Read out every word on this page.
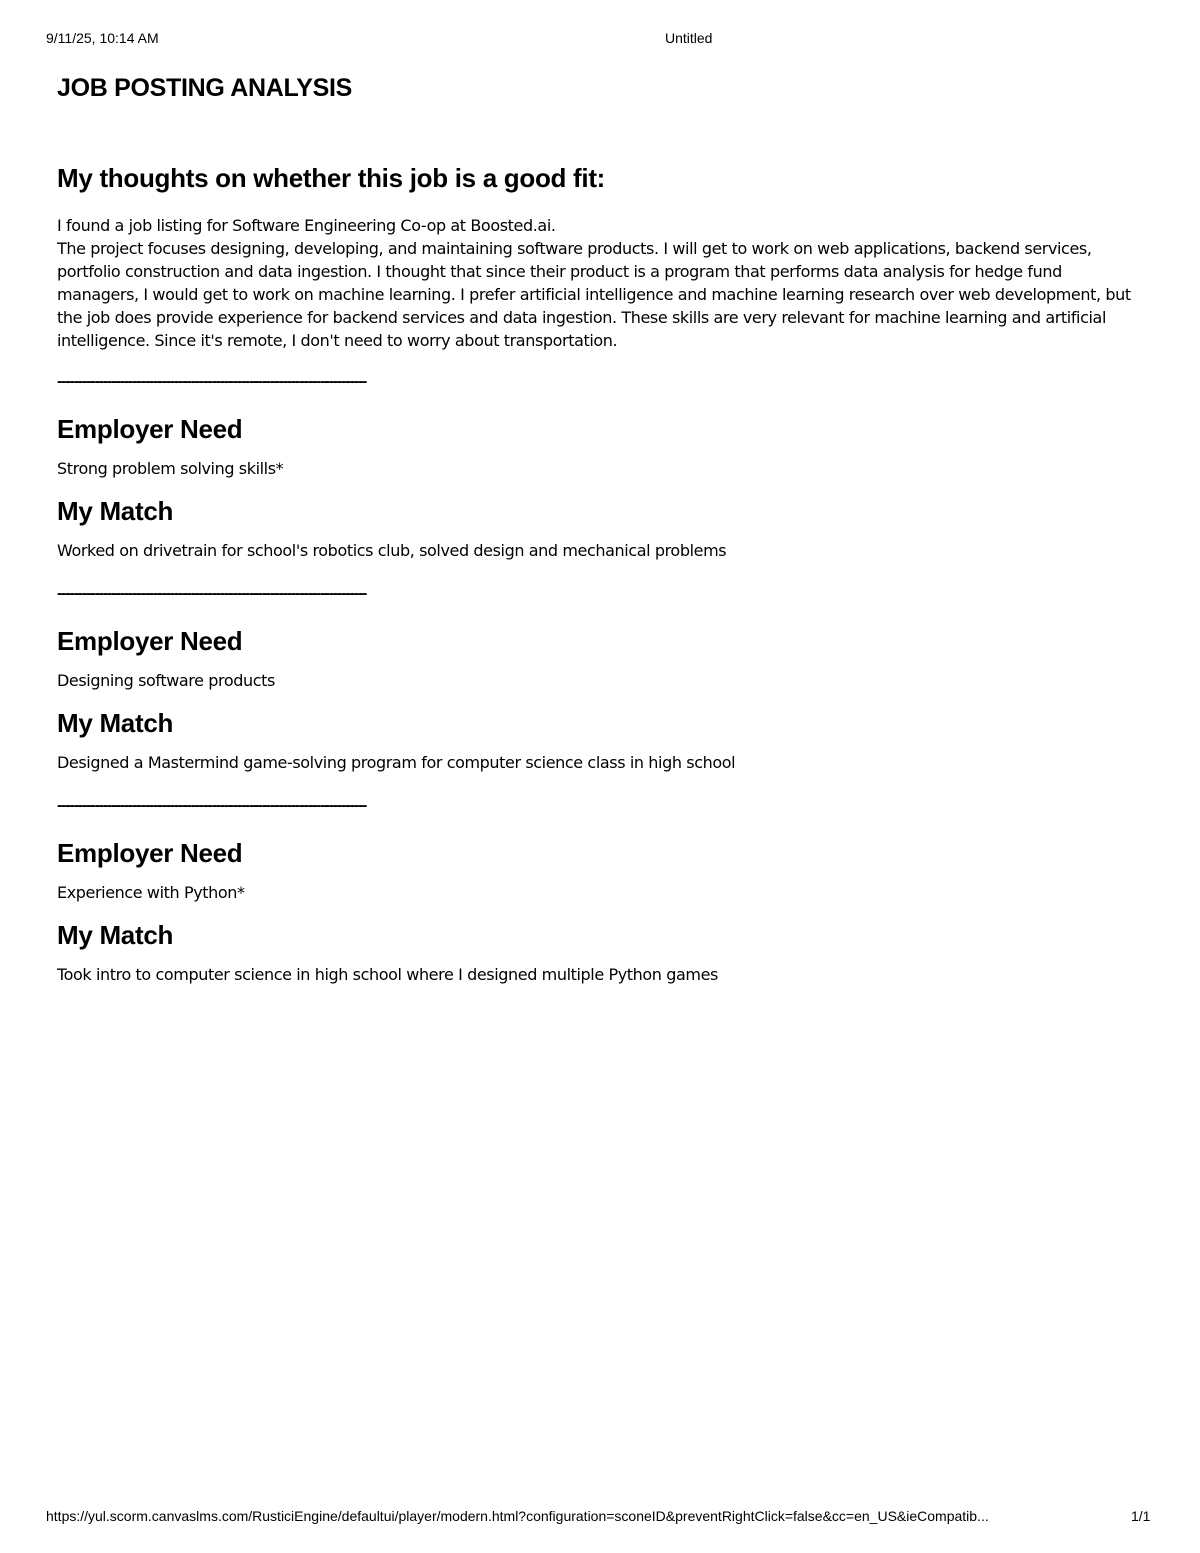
9/11/25, 10:14 AM	Untitled
JOB POSTING ANALYSIS
My thoughts on whether this job is a good fit:

I found a job listing for Software Engineering Co-op at Boosted.ai.

The project focuses designing, developing, and maintaining software products. I will get to work on web applications, backend services, portfolio construction and data ingestion. I thought that since their product is a program that performs data analysis for hedge fund managers, I would get to work on machine learning. I prefer artificial intelligence and machine learning research over web development, but the job does provide experience for backend services and data ingestion. These skills are very relevant for machine learning and artificial intelligence. Since it's remote, I don't need to worry about transportation.

--------------------------------------------------------------------------

Employer Need

Strong problem solving skills*

My Match

Worked on drivetrain for school's robotics club, solved design and mechanical problems

--------------------------------------------------------------------------

Employer Need

Designing software products

My Match

Designed a Mastermind game-solving program for computer science class in high school

--------------------------------------------------------------------------

Employer Need

Experience with Python*

My Match

Took intro to computer science in high school where I designed multiple Python games

https://yul.scorm.canvaslms.com/RusticiEngine/defaultui/player/modern.html?configuration=sconeID&preventRightClick=false&cc=en_US&ieCompatib...	1/1
